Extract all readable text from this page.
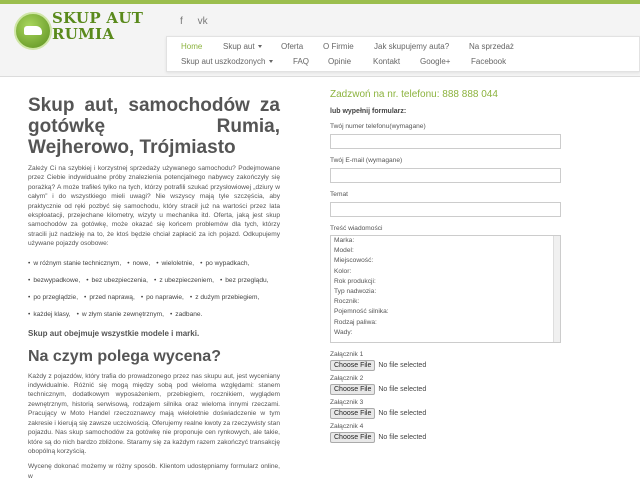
SKUP AUT
RUMIA
f vk
Home	Skup aut	Oferta O Firmie	Jak skupujemy auta? Na sprzedaż
Skup aut uszkodzonych	FAQ Opinie	Kontakt Google+	Facebook
Skup aut, samochodów za gotówkę Rumia, Wejherowo, Trójmiasto

Zależy Ci na szybkiej i korzystnej sprzedaży używanego samochodu? Podejmowane przez Ciebie indywidualne próby znalezienia potencjalnego nabywcy zakończyły się porażką? A może trafiłeś tylko na tych, którzy potrafili szukać przysłowiowej „dziury w całym” i do wszystkiego mieli uwagi? Nie wszyscy mają tyle szczęścia, aby praktycznie od ręki pozbyć się samochodu, który stracił już na wartości przez lata eksploatacji, przejechane kilometry, wizyty u mechanika itd. Oferta, jaką jest skup samochodów za gotówkę, może okazać się końcem problemów dla tych, którzy stracili już nadzieję na to, że ktoś będzie chciał zapłacić za ich pojazd. Odkupujemy używane pojazdy osobowe:

• w różnym stanie technicznym, • nowe, • wieloletnie, • po wypadkach,
• bezwypadkowe, • bez ubezpieczenia, • z ubezpieczeniem, • bez przeglądu,
• po przeglądzie, • przed naprawą, • po naprawie, • z dużym przebiegiem,
• każdej klasy, • w złym stanie zewnętrznym, • zadbane.
Skup aut obejmuje wszystkie modele i marki.
Na czym polega wycena?

Każdy z pojazdów, który trafia do prowadzonego przez nas skupu aut, jest wyceniany indywidualnie. Różnić się mogą między sobą pod wieloma względami: stanem technicznym, dodatkowym wyposażeniem, przebiegiem, rocznikiem, wyglądem zewnętrznym, historią serwisową, rodzajem silnika oraz wieloma innymi rzeczami. Pracujący w Moto Handel rzeczoznawcy mają wieloletnie doświadczenie w tym zakresie i kierują się zawsze uczciwością. Oferujemy realne kwoty za rzeczywisty stan pojazdu. Nas skup samochodów za gotówkę nie proponuje cen rynkowych, ale takie, które są do nich bardzo zbliżone. Staramy się za każdym razem zakończyć transakcję obopólną korzyścią.

Wycenę dokonać możemy w różny sposób. Klientom udostępniamy formularz online, w

Zadzwoń na nr. telefonu: 888 888 044
lub wypełnij formularz:
Twój numer telefonu(wymagane)
Twój E-mail (wymagane)
Temat
Treść wiadomości
Marka:
Model:
Miejscowość:
Kolor:
Rok produkcji:
Typ nadwozia:
Rocznik:
Pojemność silnika:
Rodzaj paliwa:
Wady:
Załącznik 1
Choose File No file selected
Załącznik 2
Choose File No file selected
Załącznik 3
Choose File No file selected
Załącznik 4
Choose File No file selected
